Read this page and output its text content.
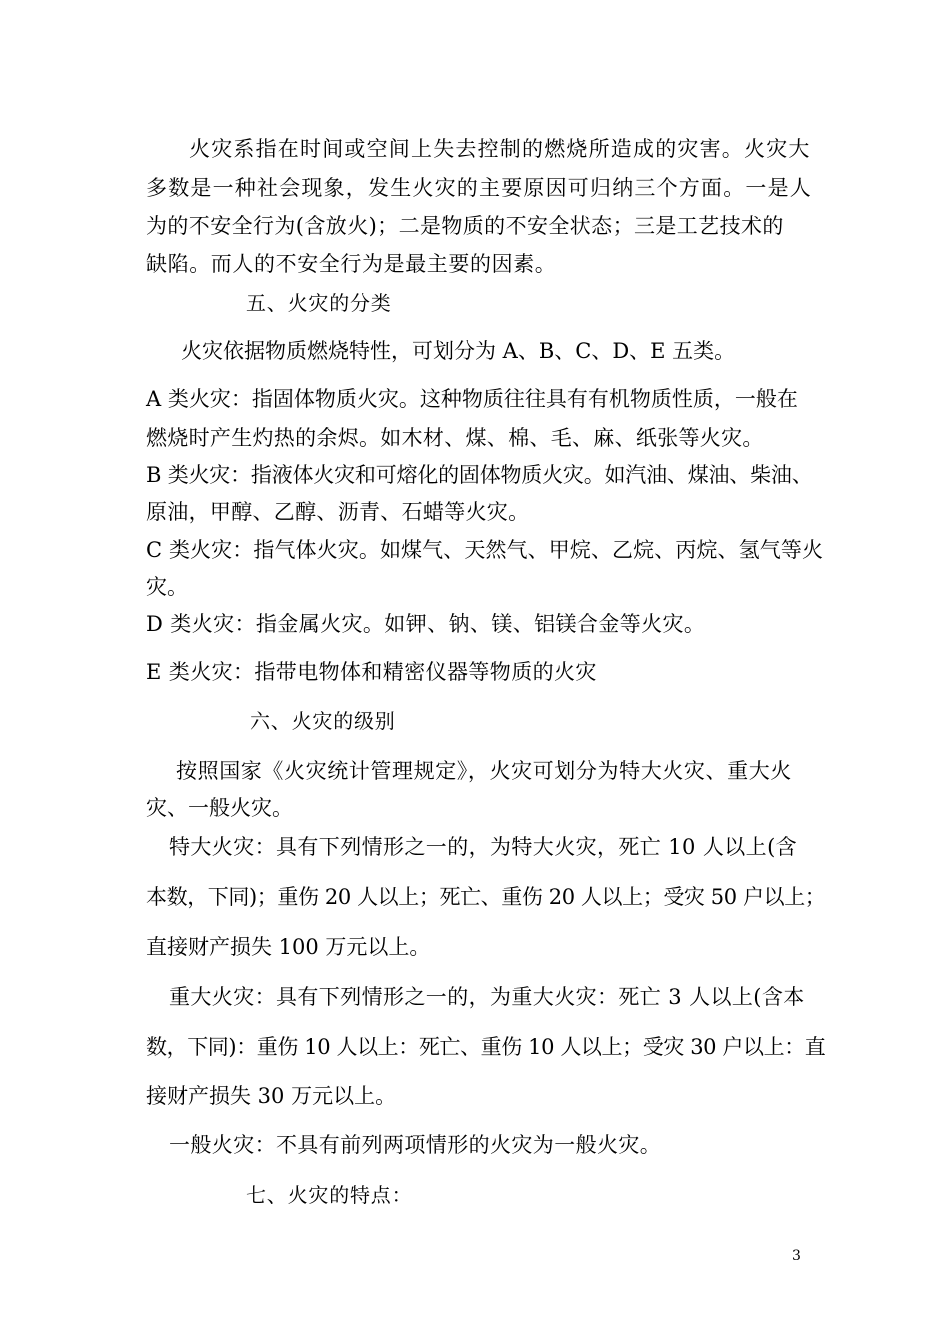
火灾系指在时间或空间上失去控制的燃烧所造成的灾害。火灾大

多数是一种社会现象，发生火灾的主要原因可归纳三个方面。一是人

为的不安全行为(含放火)；二是物质的不安全状态；三是工艺技术的

缺陷。而人的不安全行为是最主要的因素。

五、火灾的分类

火灾依据物质燃烧特性，可划分为 A、B、C、D、E 五类。

A 类火灾：指固体物质火灾。这种物质往往具有有机物质性质，一般在

燃烧时产生灼热的余烬。如木材、煤、棉、毛、麻、纸张等火灾。

B 类火灾：指液体火灾和可熔化的固体物质火灾。如汽油、煤油、柴油、

原油，甲醇、乙醇、沥青、石蜡等火灾。

C 类火灾：指气体火灾。如煤气、天然气、甲烷、乙烷、丙烷、氢气等火

灾。

D 类火灾：指金属火灾。如钾、钠、镁、铝镁合金等火灾。

E 类火灾：指带电物体和精密仪器等物质的火灾

六、火灾的级别

按照国家《火灾统计管理规定》，火灾可划分为特大火灾、重大火

灾、一般火灾。

特大火灾：具有下列情形之一的，为特大火灾，死亡 10 人以上(含

本数，下同)；重伤 20 人以上；死亡、重伤 20 人以上；受灾 50 户以上；

直接财产损失 100 万元以上。

重大火灾：具有下列情形之一的，为重大火灾：死亡 3 人以上(含本

数，下同)：重伤 10 人以上：死亡、重伤 10 人以上；受灾 30 户以上：直

接财产损失 30 万元以上。

一般火灾：不具有前列两项情形的火灾为一般火灾。

七、火灾的特点：

3
